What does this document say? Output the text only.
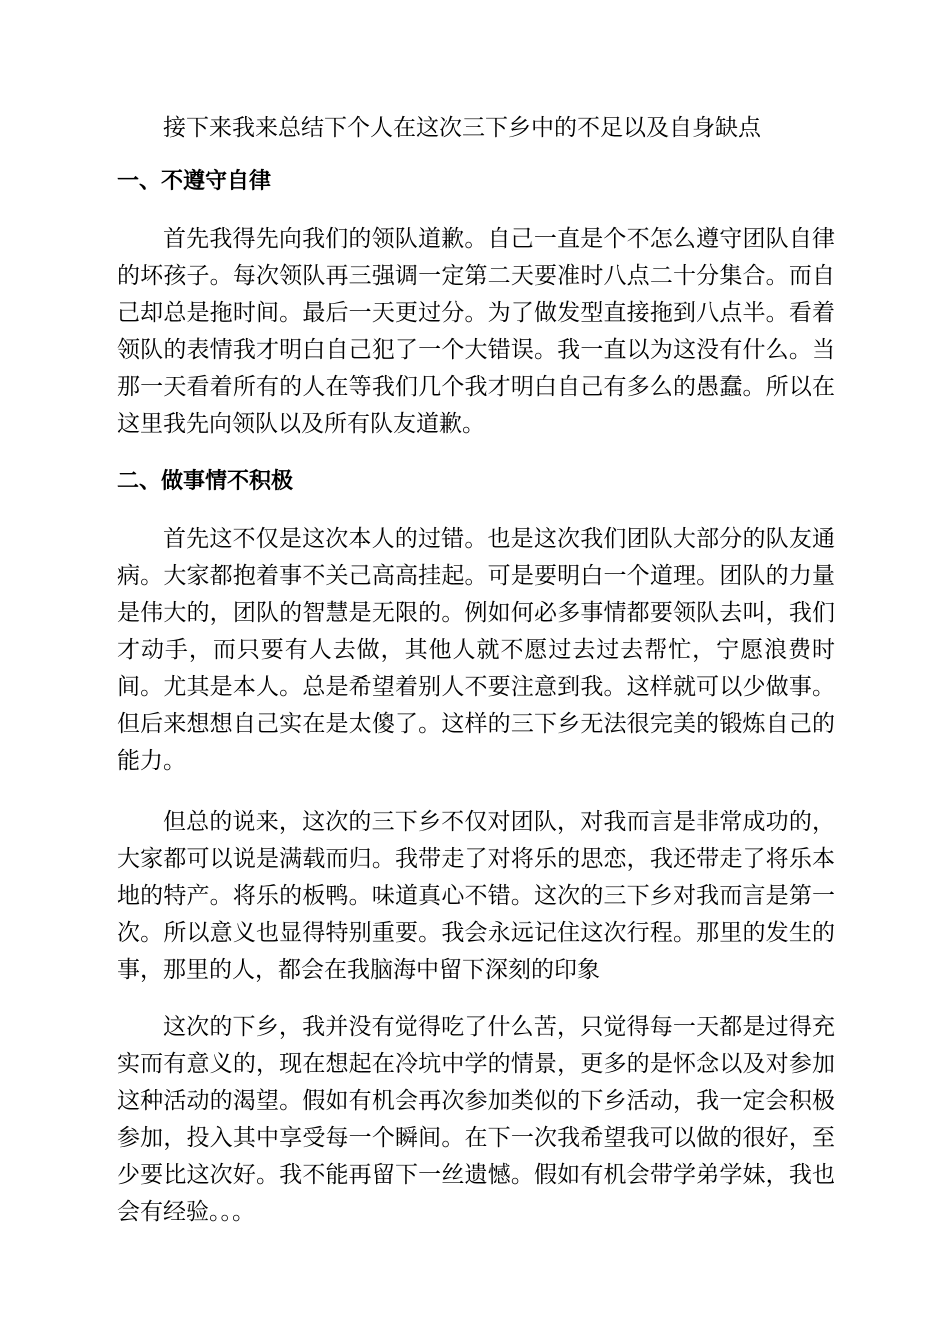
接下来我来总结下个人在这次三下乡中的不足以及自身缺点

一、不遵守自律

首先我得先向我们的领队道歉。自己一直是个不怎么遵守团队自律的坏孩子。每次领队再三强调一定第二天要准时八点二十分集合。而自己却总是拖时间。最后一天更过分。为了做发型直接拖到八点半。看着领队的表情我才明白自己犯了一个大错误。我一直以为这没有什么。当那一天看着所有的人在等我们几个我才明白自己有多么的愚蠢。所以在这里我先向领队以及所有队友道歉。

二、做事情不积极

首先这不仅是这次本人的过错。也是这次我们团队大部分的队友通病。大家都抱着事不关己高高挂起。可是要明白一个道理。团队的力量是伟大的，团队的智慧是无限的。例如何必多事情都要领队去叫，我们才动手，而只要有人去做，其他人就不愿过去过去帮忙，宁愿浪费时间。尤其是本人。总是希望着别人不要注意到我。这样就可以少做事。但后来想想自己实在是太傻了。这样的三下乡无法很完美的锻炼自己的能力。

但总的说来，这次的三下乡不仅对团队，对我而言是非常成功的，大家都可以说是满载而归。我带走了对将乐的思恋，我还带走了将乐本地的特产。将乐的板鸭。味道真心不错。这次的三下乡对我而言是第一次。所以意义也显得特别重要。我会永远记住这次行程。那里的发生的事，那里的人，都会在我脑海中留下深刻的印象

这次的下乡，我并没有觉得吃了什么苦，只觉得每一天都是过得充实而有意义的，现在想起在冷坑中学的情景，更多的是怀念以及对参加这种活动的渴望。假如有机会再次参加类似的下乡活动，我一定会积极参加，投入其中享受每一个瞬间。在下一次我希望我可以做的很好，至少要比这次好。我不能再留下一丝遗憾。假如有机会带学弟学妹，我也会有经验。。。
